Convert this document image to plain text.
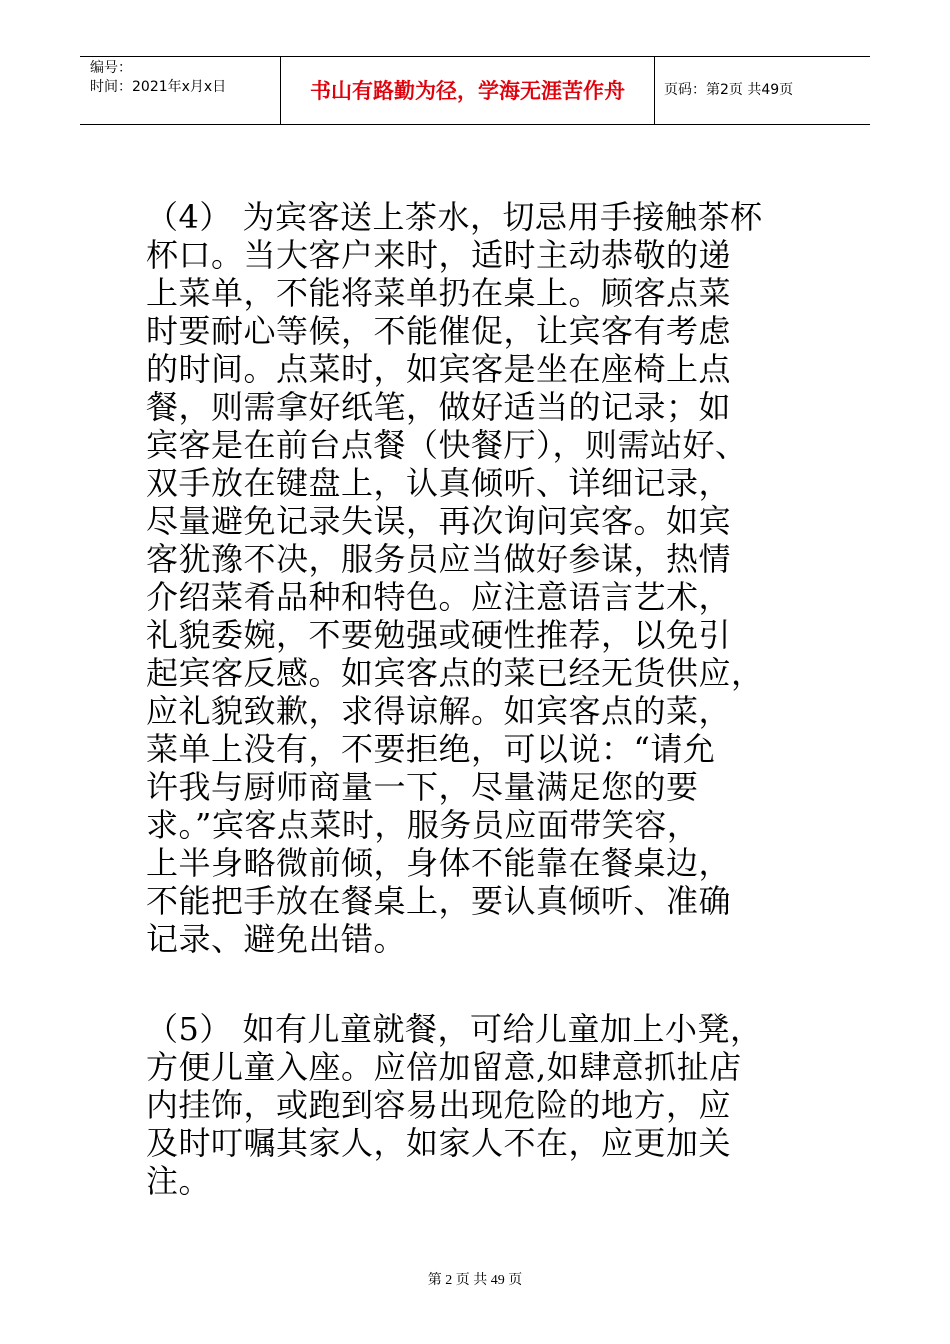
编号：
时间：2021年x月x日	书山有路勤为径，学海无涯苦作舟	页码：第2页 共49页

（4） 为宾客送上茶水，切忌用手接触茶杯
杯口。当大客户来时，适时主动恭敬的递
上菜单，不能将菜单扔在桌上。顾客点菜
时要耐心等候，不能催促，让宾客有考虑
的时间。点菜时，如宾客是坐在座椅上点
餐，则需拿好纸笔，做好适当的记录；如
宾客是在前台点餐（快餐厅），则需站好、
双手放在键盘上，认真倾听、详细记录，
尽量避免记录失误，再次询问宾客。如宾
客犹豫不决，服务员应当做好参谋，热情
介绍菜肴品种和特色。应注意语言艺术，
礼貌委婉，不要勉强或硬性推荐，以免引
起宾客反感。如宾客点的菜已经无货供应，
应礼貌致歉，求得谅解。如宾客点的菜，
菜单上没有，不要拒绝，可以说：“请允
许我与厨师商量一下，尽量满足您的要
求。”宾客点菜时，服务员应面带笑容，
上半身略微前倾，身体不能靠在餐桌边，
不能把手放在餐桌上，要认真倾听、准确
记录、避免出错。

（5） 如有儿童就餐，可给儿童加上小凳，
方便儿童入座。应倍加留意,如肆意抓扯店
内挂饰，或跑到容易出现危险的地方，应
及时叮嘱其家人，如家人不在，应更加关
注。

第 2 页 共 49 页
